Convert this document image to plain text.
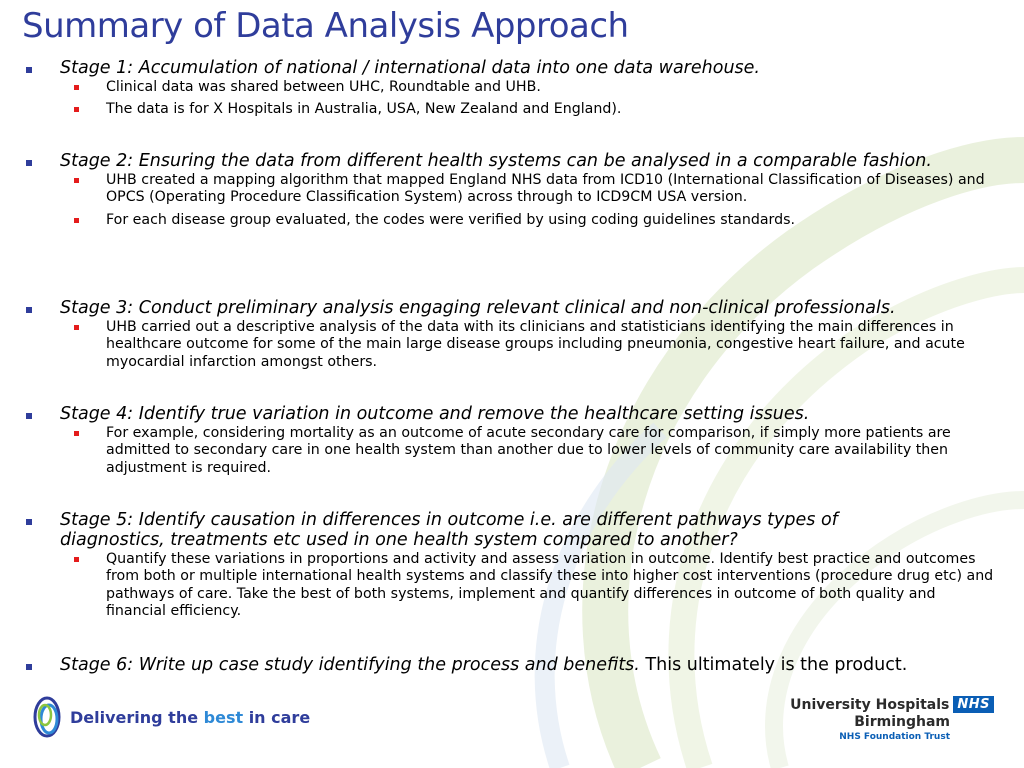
Summary of Data Analysis Approach
Stage 1: Accumulation of national / international data into one data warehouse.
Clinical data was shared between UHC, Roundtable and UHB.
The data is for X Hospitals in Australia, USA, New Zealand and England).
Stage 2: Ensuring the data from different health systems can be analysed in a comparable fashion.
UHB created a mapping algorithm that mapped England NHS data from ICD10 (International Classification of Diseases) and OPCS (Operating Procedure Classification System) across through to ICD9CM USA version.
For each disease group evaluated, the codes were verified by using coding guidelines standards.
Stage 3: Conduct preliminary analysis engaging relevant clinical and non-clinical professionals.
UHB carried out a descriptive analysis of the data with its clinicians and statisticians identifying the main differences in healthcare outcome for some of the main large disease groups including pneumonia, congestive heart failure, and acute myocardial infarction amongst others.
Stage 4: Identify true variation in outcome and remove the healthcare setting issues.
For example, considering mortality as an outcome of acute secondary care for comparison, if simply more patients are admitted to secondary care in one health system than another due to lower levels of community care availability then adjustment is required.
Stage 5: Identify causation in differences in outcome i.e. are different pathways types of diagnostics, treatments etc used in one health system compared to another?
Quantify these variations in proportions and activity and assess variation in outcome. Identify best practice and outcomes from both or multiple international health systems and classify these into higher cost interventions (procedure drug etc) and pathways of care. Take the best of both systems, implement and quantify differences in outcome of both quality and financial efficiency.
Stage 6: Write up case study identifying the process and benefits. This ultimately is the product.
Delivering the best in care
University Hospitals NHS
Birmingham
NHS Foundation Trust
